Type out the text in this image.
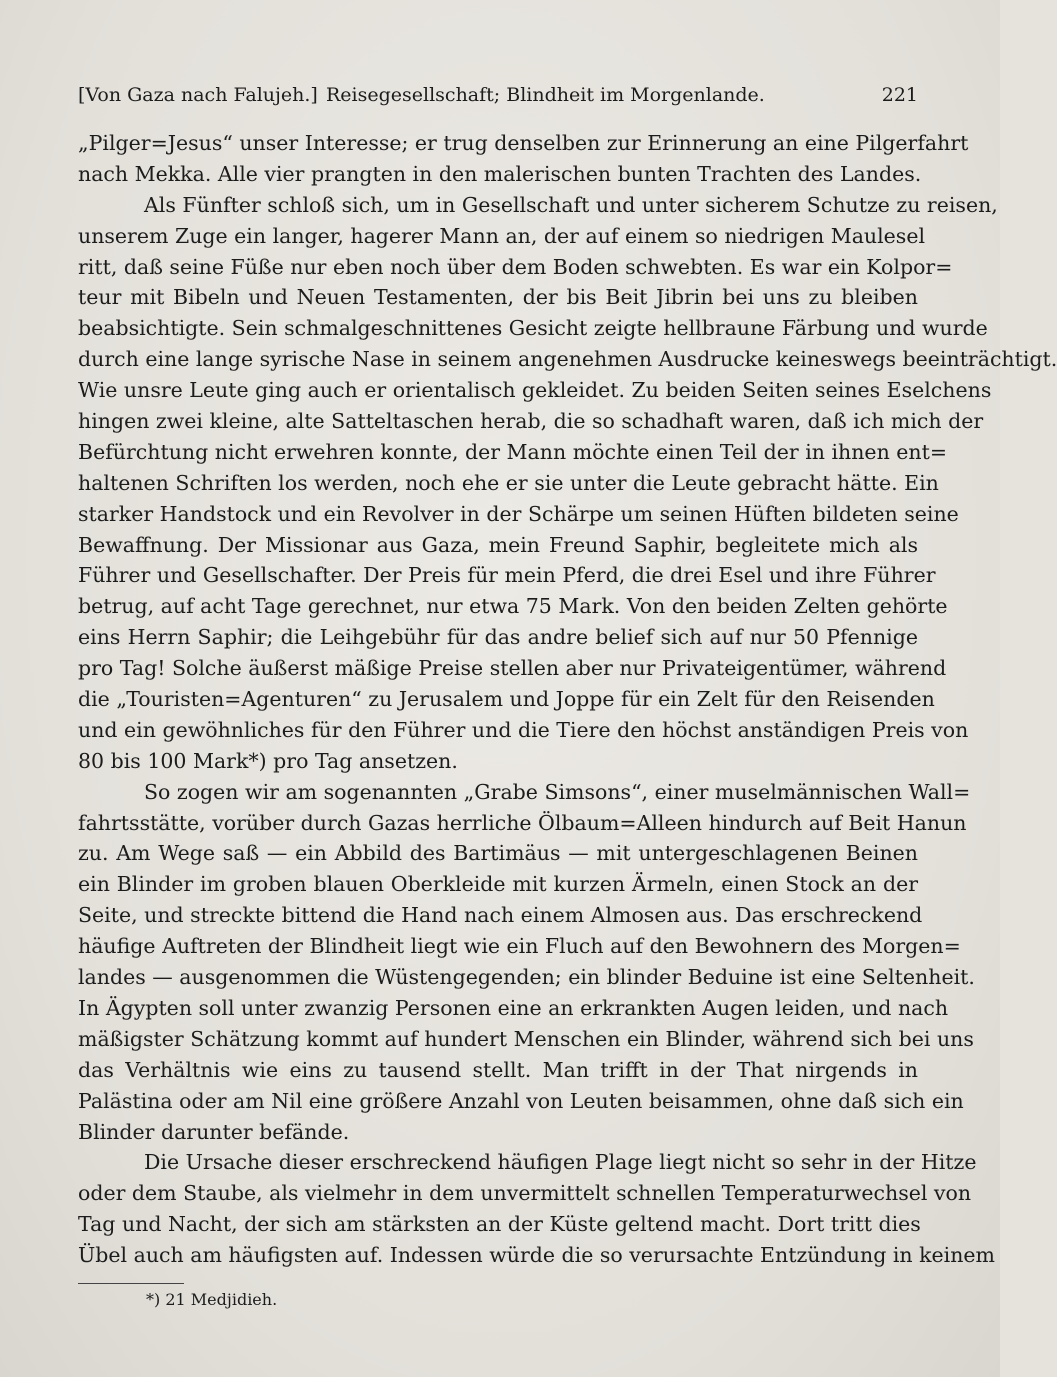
[Von Gaza nach Falujeh.] Reisegesellschaft; Blindheit im Morgenlande.	221
„Pilger=Jesus“ unser Interesse; er trug denselben zur Erinnerung an eine Pilgerfahrt
nach Mekka. Alle vier prangten in den malerischen bunten Trachten des Landes.
Als Fünfter schloß sich, um in Gesellschaft und unter sicherem Schutze zu reisen,
unserem Zuge ein langer, hagerer Mann an, der auf einem so niedrigen Maulesel
ritt, daß seine Füße nur eben noch über dem Boden schwebten. Es war ein Kolpor=
teur mit Bibeln und Neuen Testamenten, der bis Beit Jibrin bei uns zu bleiben
beabsichtigte. Sein schmalgeschnittenes Gesicht zeigte hellbraune Färbung und wurde
durch eine lange syrische Nase in seinem angenehmen Ausdrucke keineswegs beeinträchtigt.
Wie unsre Leute ging auch er orientalisch gekleidet. Zu beiden Seiten seines Eselchens
hingen zwei kleine, alte Satteltaschen herab, die so schadhaft waren, daß ich mich der
Befürchtung nicht erwehren konnte, der Mann möchte einen Teil der in ihnen ent=
haltenen Schriften los werden, noch ehe er sie unter die Leute gebracht hätte. Ein
starker Handstock und ein Revolver in der Schärpe um seinen Hüften bildeten seine
Bewaffnung. Der Missionar aus Gaza, mein Freund Saphir, begleitete mich als
Führer und Gesellschafter. Der Preis für mein Pferd, die drei Esel und ihre Führer
betrug, auf acht Tage gerechnet, nur etwa 75 Mark. Von den beiden Zelten gehörte
eins Herrn Saphir; die Leihgebühr für das andre belief sich auf nur 50 Pfennige
pro Tag! Solche äußerst mäßige Preise stellen aber nur Privateigentümer, während
die „Touristen=Agenturen“ zu Jerusalem und Joppe für ein Zelt für den Reisenden
und ein gewöhnliches für den Führer und die Tiere den höchst anständigen Preis von
80 bis 100 Mark*) pro Tag ansetzen.
So zogen wir am sogenannten „Grabe Simsons“, einer muselmännischen Wall=
fahrtsstätte, vorüber durch Gazas herrliche Ölbaum=Alleen hindurch auf Beit Hanun
zu. Am Wege saß — ein Abbild des Bartimäus — mit untergeschlagenen Beinen
ein Blinder im groben blauen Oberkleide mit kurzen Ärmeln, einen Stock an der
Seite, und streckte bittend die Hand nach einem Almosen aus. Das erschreckend
häufige Auftreten der Blindheit liegt wie ein Fluch auf den Bewohnern des Morgen=
landes — ausgenommen die Wüstengegenden; ein blinder Beduine ist eine Seltenheit.
In Ägypten soll unter zwanzig Personen eine an erkrankten Augen leiden, und nach
mäßigster Schätzung kommt auf hundert Menschen ein Blinder, während sich bei uns
das Verhältnis wie eins zu tausend stellt. Man trifft in der That nirgends in
Palästina oder am Nil eine größere Anzahl von Leuten beisammen, ohne daß sich ein
Blinder darunter befände.
Die Ursache dieser erschreckend häufigen Plage liegt nicht so sehr in der Hitze
oder dem Staube, als vielmehr in dem unvermittelt schnellen Temperaturwechsel von
Tag und Nacht, der sich am stärksten an der Küste geltend macht. Dort tritt dies
Übel auch am häufigsten auf. Indessen würde die so verursachte Entzündung in keinem
*) 21 Medjidieh.
